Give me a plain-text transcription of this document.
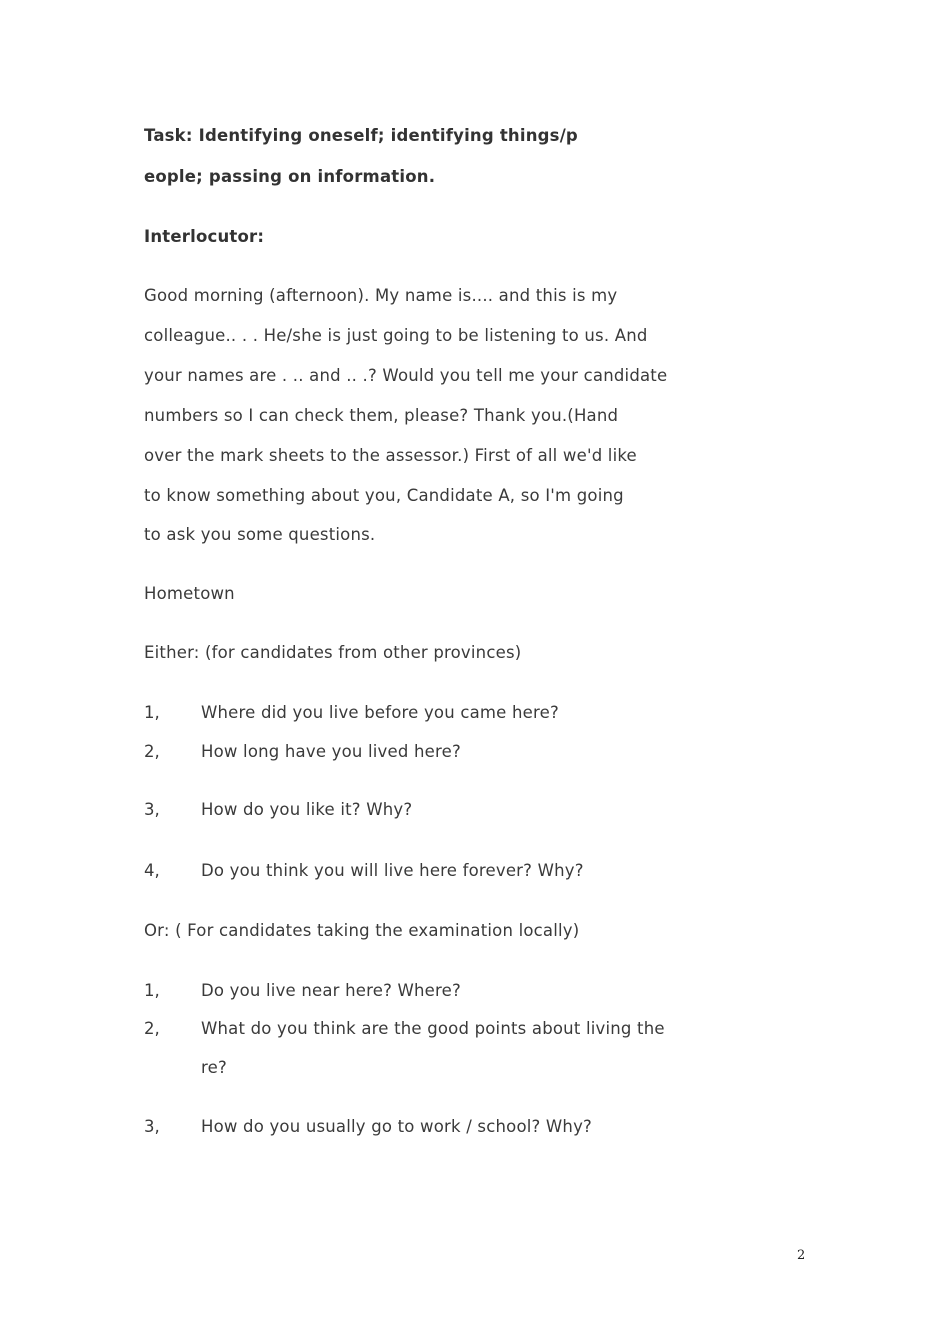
Task: Identifying oneself; identifying things/p
eople; passing on information.
Interlocutor:
Good morning (afternoon). My name is.... and this is my
colleague.. . . He/she is just going to be listening to us. And
your names are . .. and .. .? Would you tell me your candidate
numbers so I can check them, please? Thank you.(Hand
over the mark sheets to the assessor.) First of all we'd like
to know something about you, Candidate A, so I'm going
to ask you some questions.
Hometown
Either: (for candidates from other provinces)
1,	Where did you live before you came here?
2,	How long have you lived here?
3,	How do you like it? Why?
4,	Do you think you will live here forever? Why?
Or: ( For candidates taking the examination locally)
1,	Do you live near here? Where?
2,	What do you think are the good points about living the
re?
3,	How do you usually go to work / school? Why?
2
